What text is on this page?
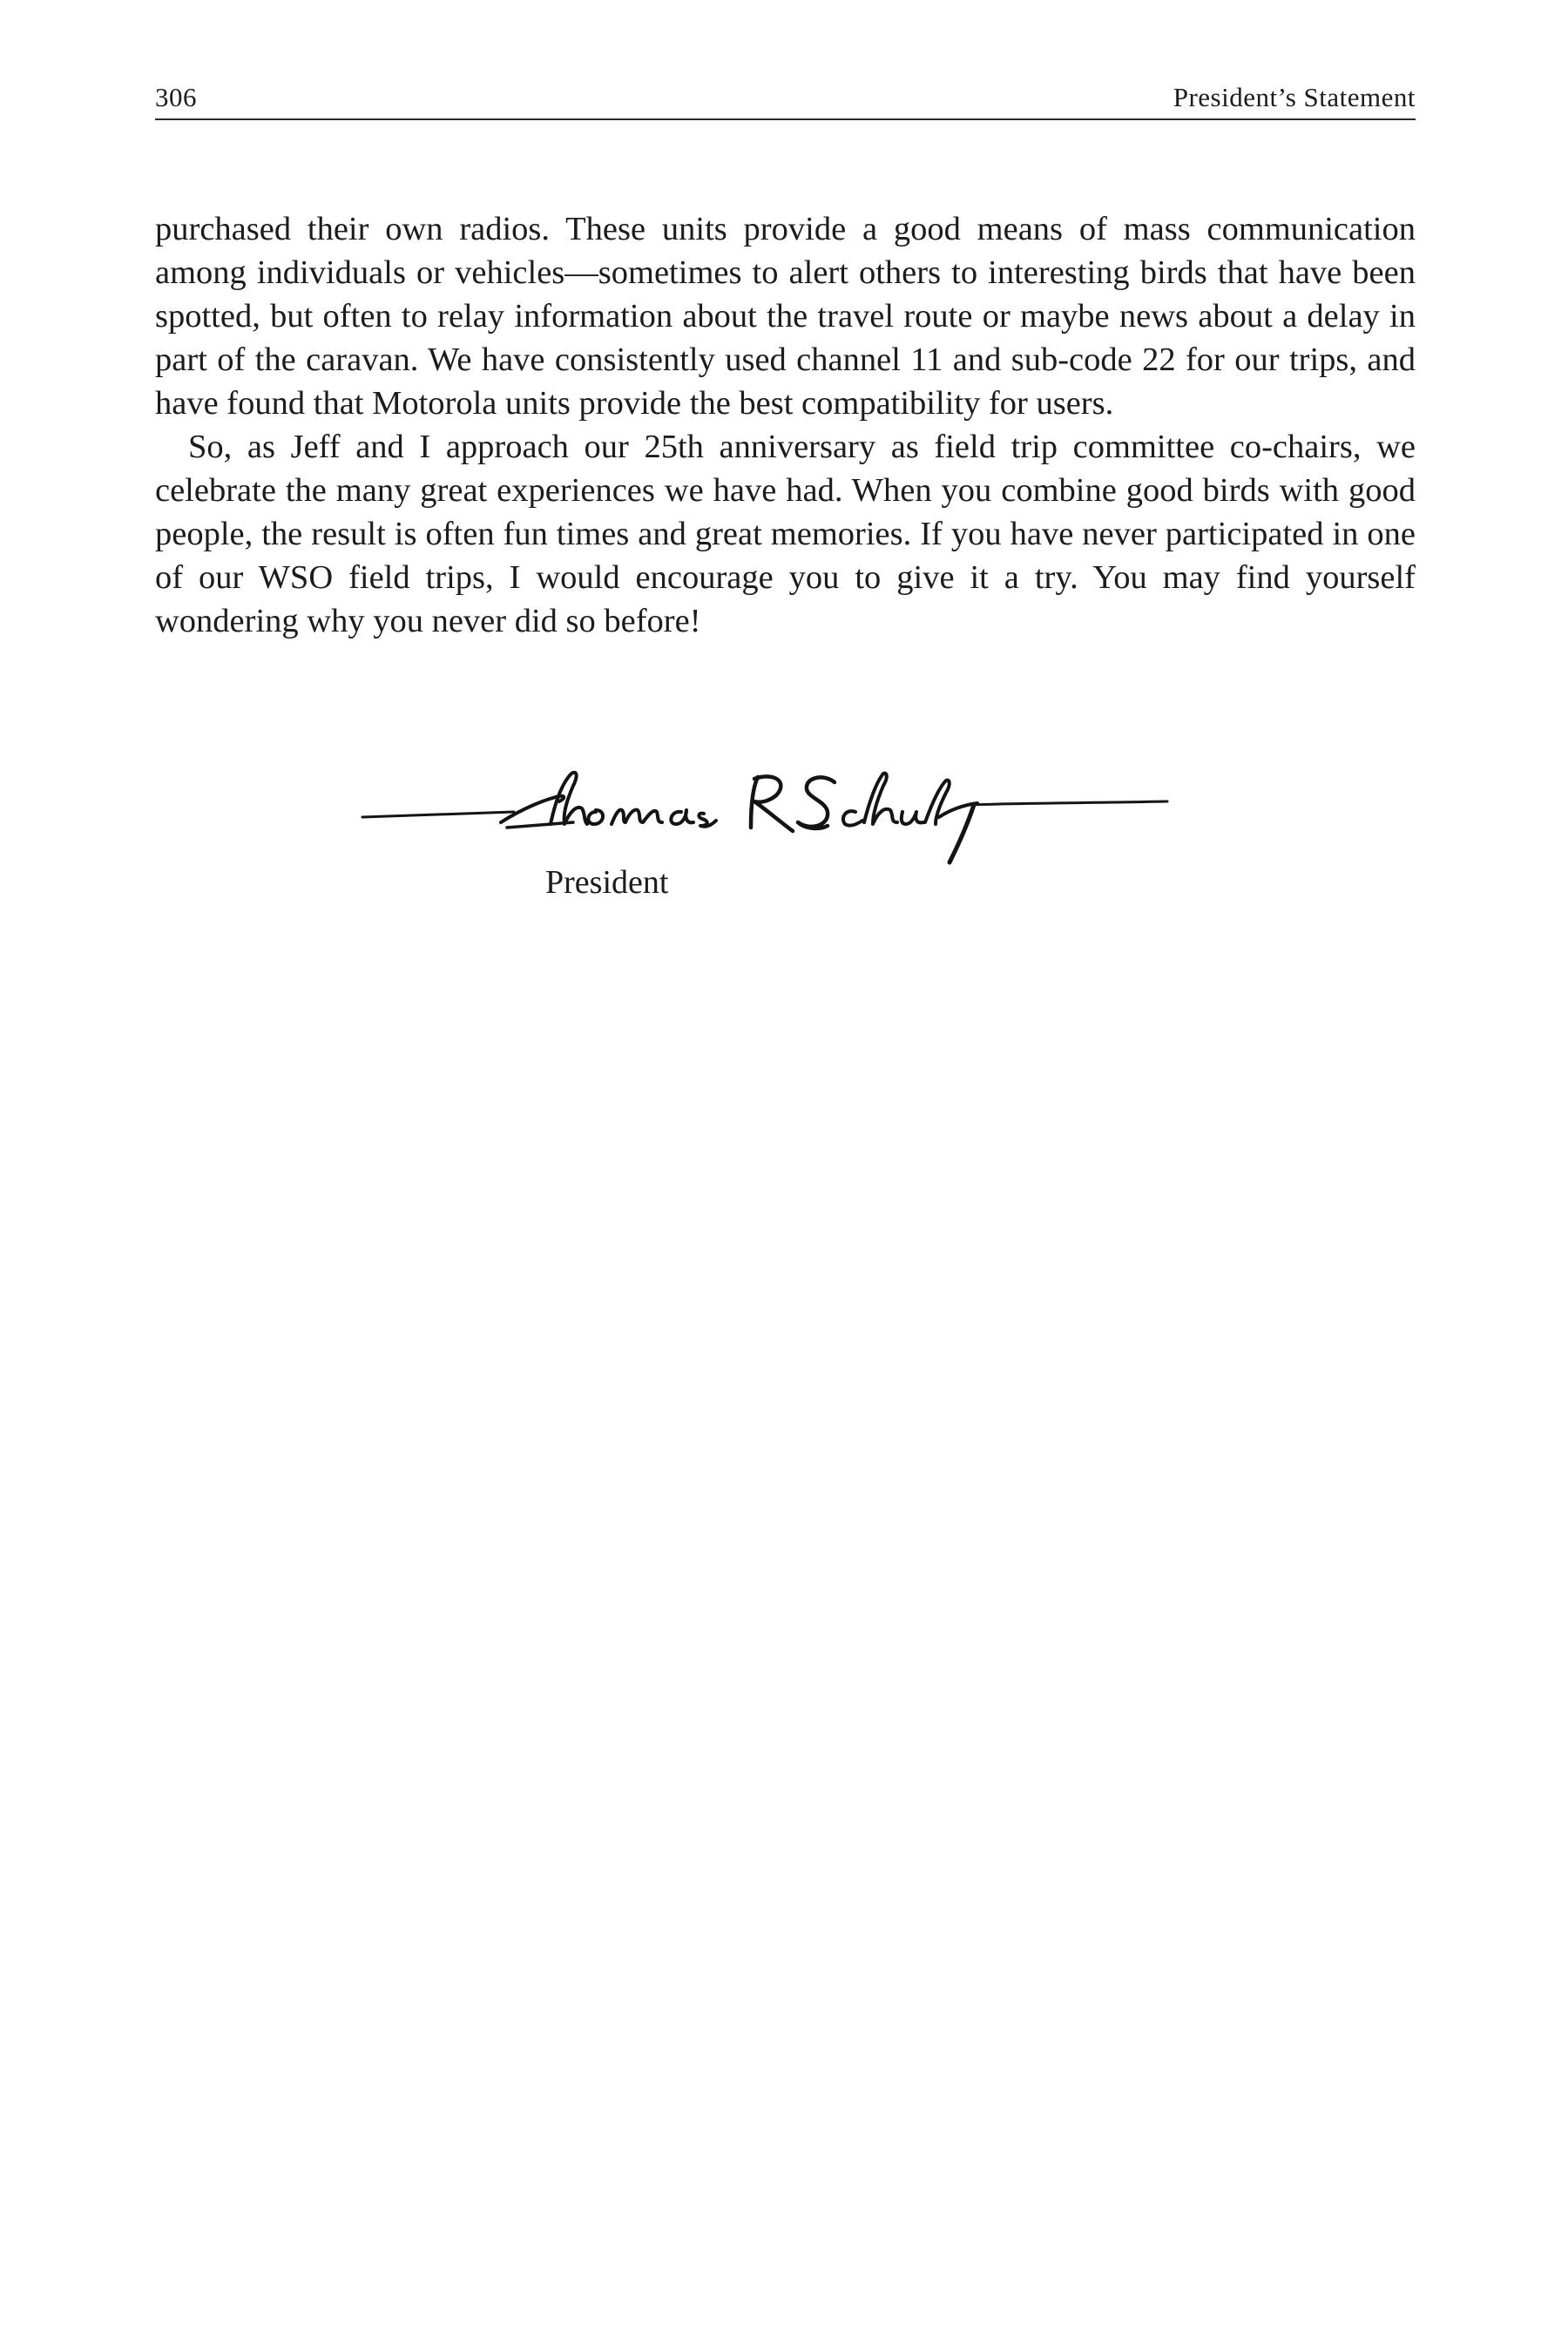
306	President’s Statement

purchased their own radios. These units provide a good means of mass communication among individuals or vehicles—sometimes to alert others to interesting birds that have been spotted, but often to relay information about the travel route or maybe news about a delay in part of the caravan. We have consistently used channel 11 and sub-code 22 for our trips, and have found that Motorola units provide the best compatibility for users.

So, as Jeff and I approach our 25th anniversary as field trip committee co-chairs, we celebrate the many great experiences we have had. When you combine good birds with good people, the result is often fun times and great memories. If you have never participated in one of our WSO field trips, I would encourage you to give it a try. You may find yourself wondering why you never did so before!

President
